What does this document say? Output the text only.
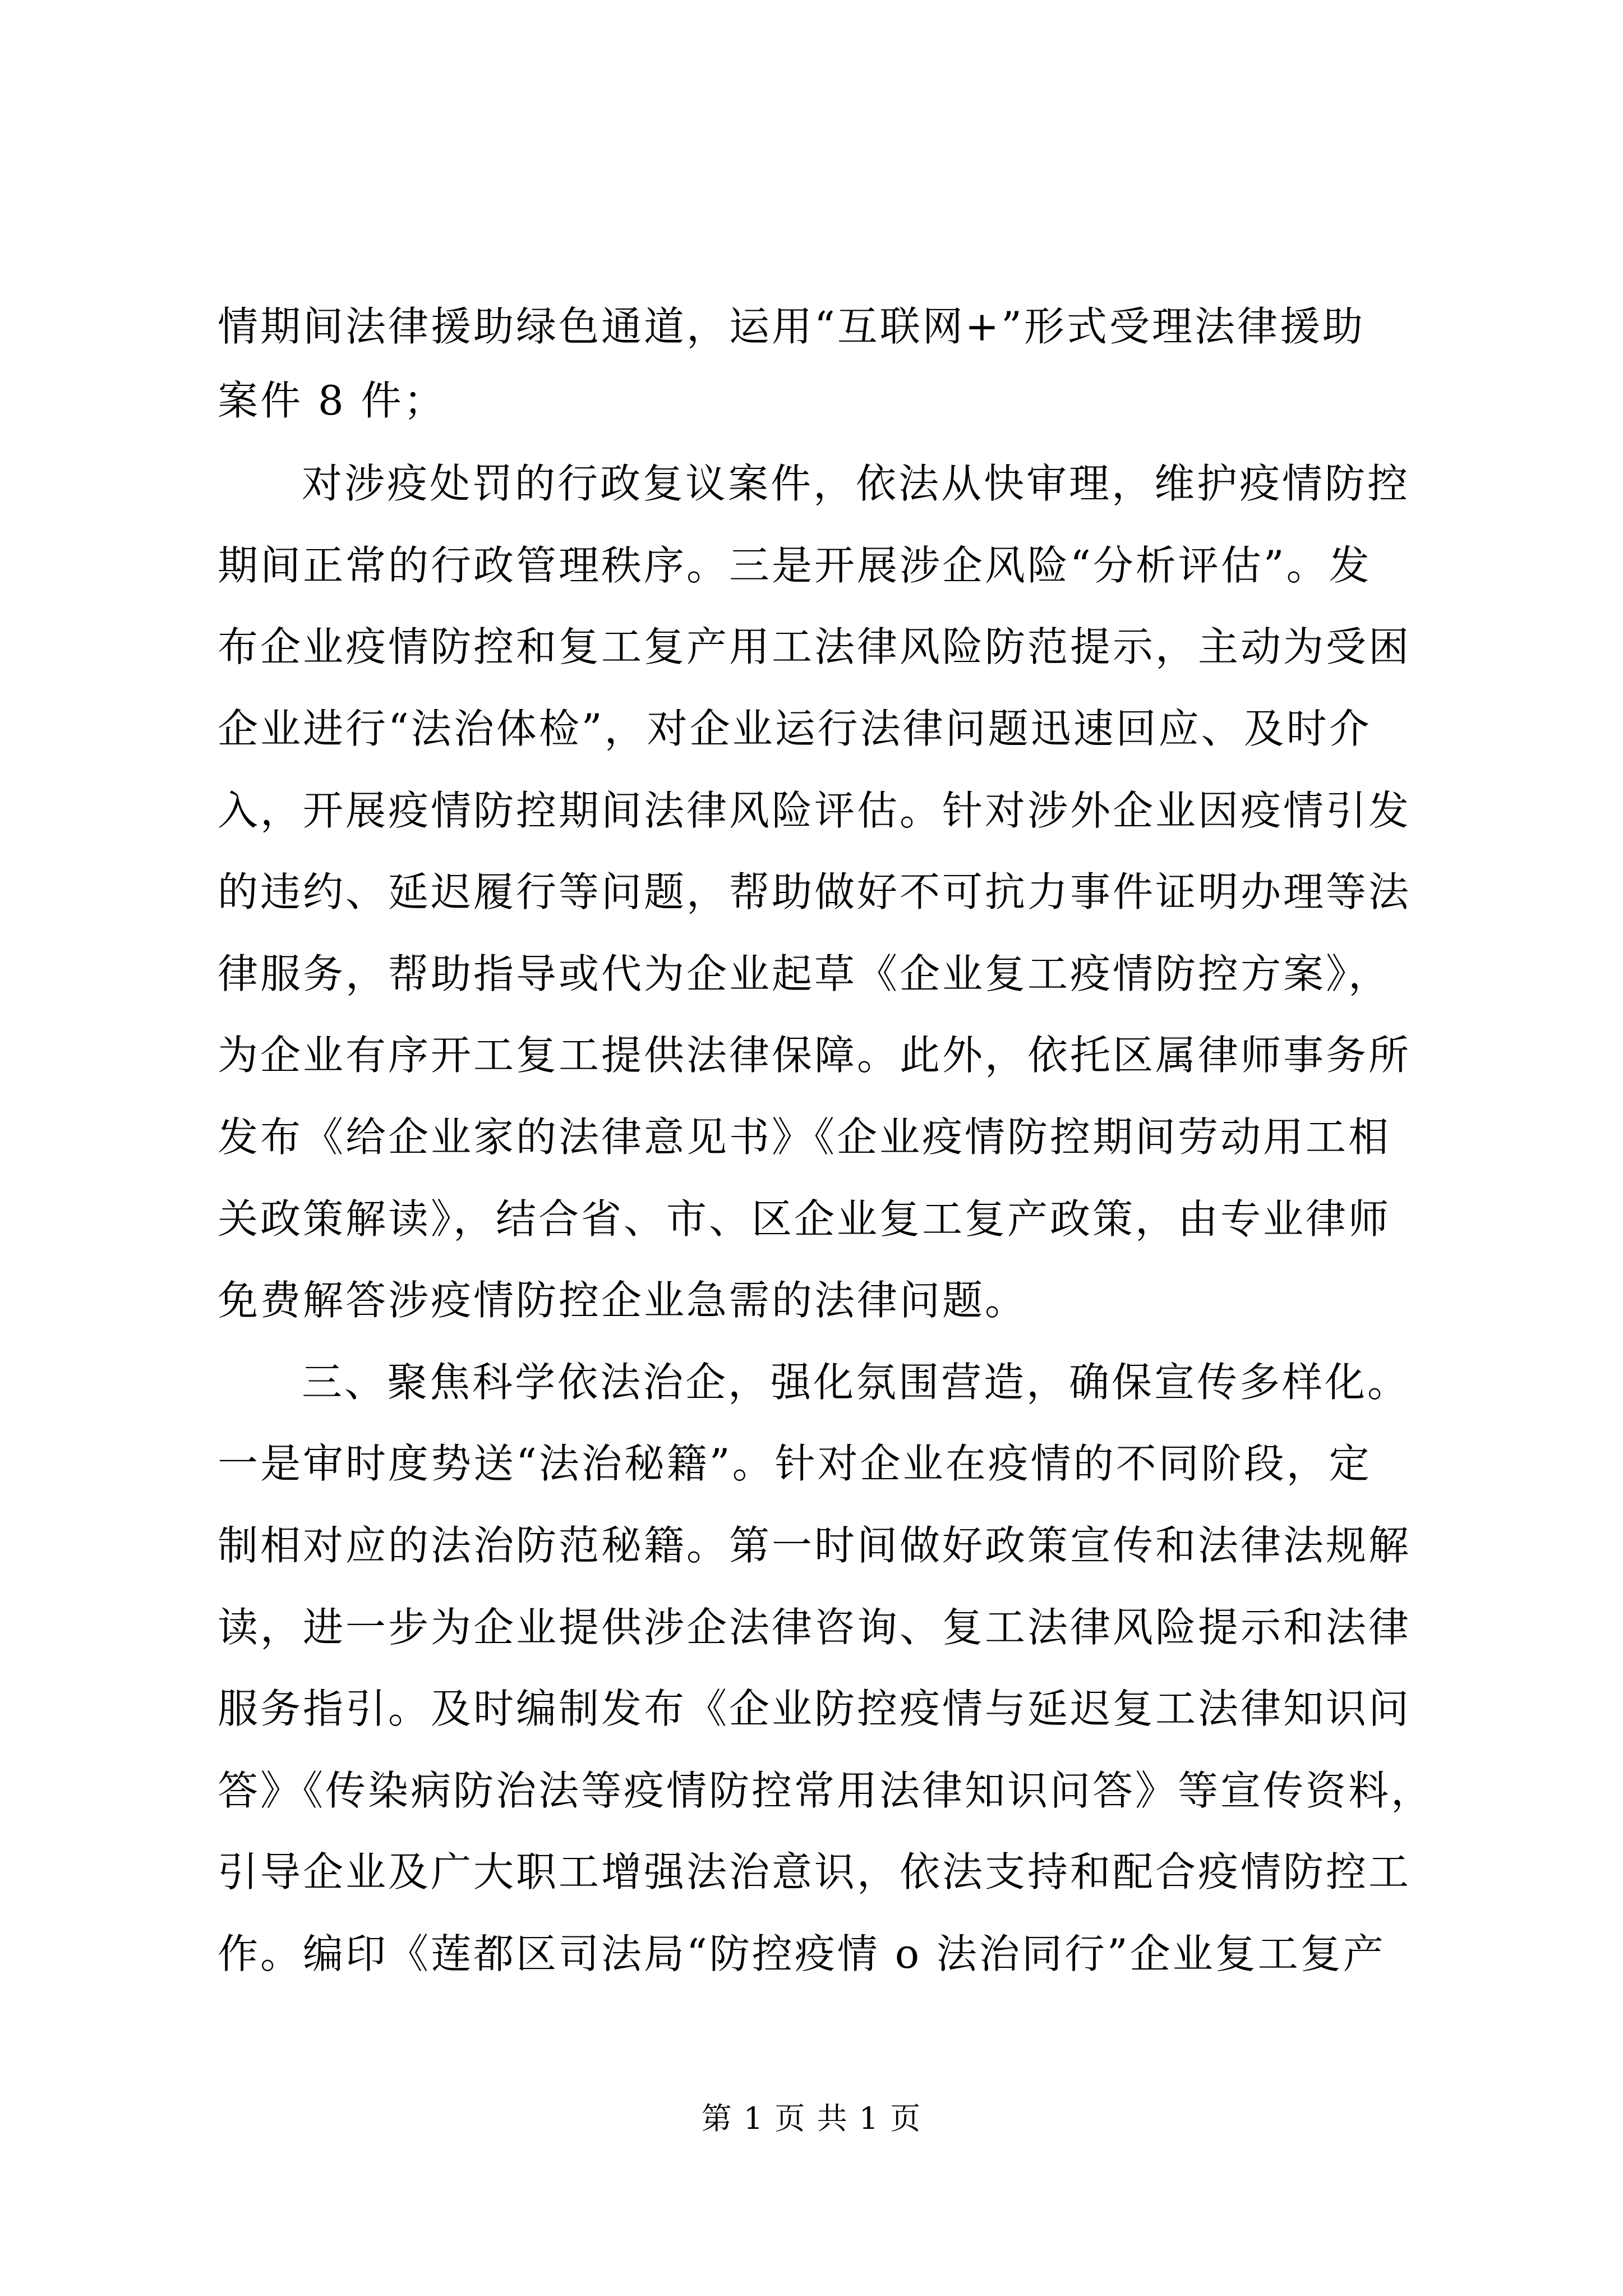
情期间法律援助绿色通道，运用“互联网+”形式受理法律援助
案件 8 件；
对涉疫处罚的行政复议案件，依法从快审理，维护疫情防控
期间正常的行政管理秩序。三是开展涉企风险“分析评估”。发
布企业疫情防控和复工复产用工法律风险防范提示，主动为受困
企业进行“法治体检”，对企业运行法律问题迅速回应、及时介
入，开展疫情防控期间法律风险评估。针对涉外企业因疫情引发
的违约、延迟履行等问题，帮助做好不可抗力事件证明办理等法
律服务，帮助指导或代为企业起草《企业复工疫情防控方案》，
为企业有序开工复工提供法律保障。此外，依托区属律师事务所
发布《给企业家的法律意见书》《企业疫情防控期间劳动用工相
关政策解读》，结合省、市、区企业复工复产政策，由专业律师
免费解答涉疫情防控企业急需的法律问题。
三、聚焦科学依法治企，强化氛围营造，确保宣传多样化。
一是审时度势送“法治秘籍”。针对企业在疫情的不同阶段，定
制相对应的法治防范秘籍。第一时间做好政策宣传和法律法规解
读，进一步为企业提供涉企法律咨询、复工法律风险提示和法律
服务指引。及时编制发布《企业防控疫情与延迟复工法律知识问
答》《传染病防治法等疫情防控常用法律知识问答》等宣传资料，
引导企业及广大职工增强法治意识，依法支持和配合疫情防控工
作。编印《莲都区司法局“防控疫情 o 法治同行”企业复工复产
第 1 页 共 1 页
